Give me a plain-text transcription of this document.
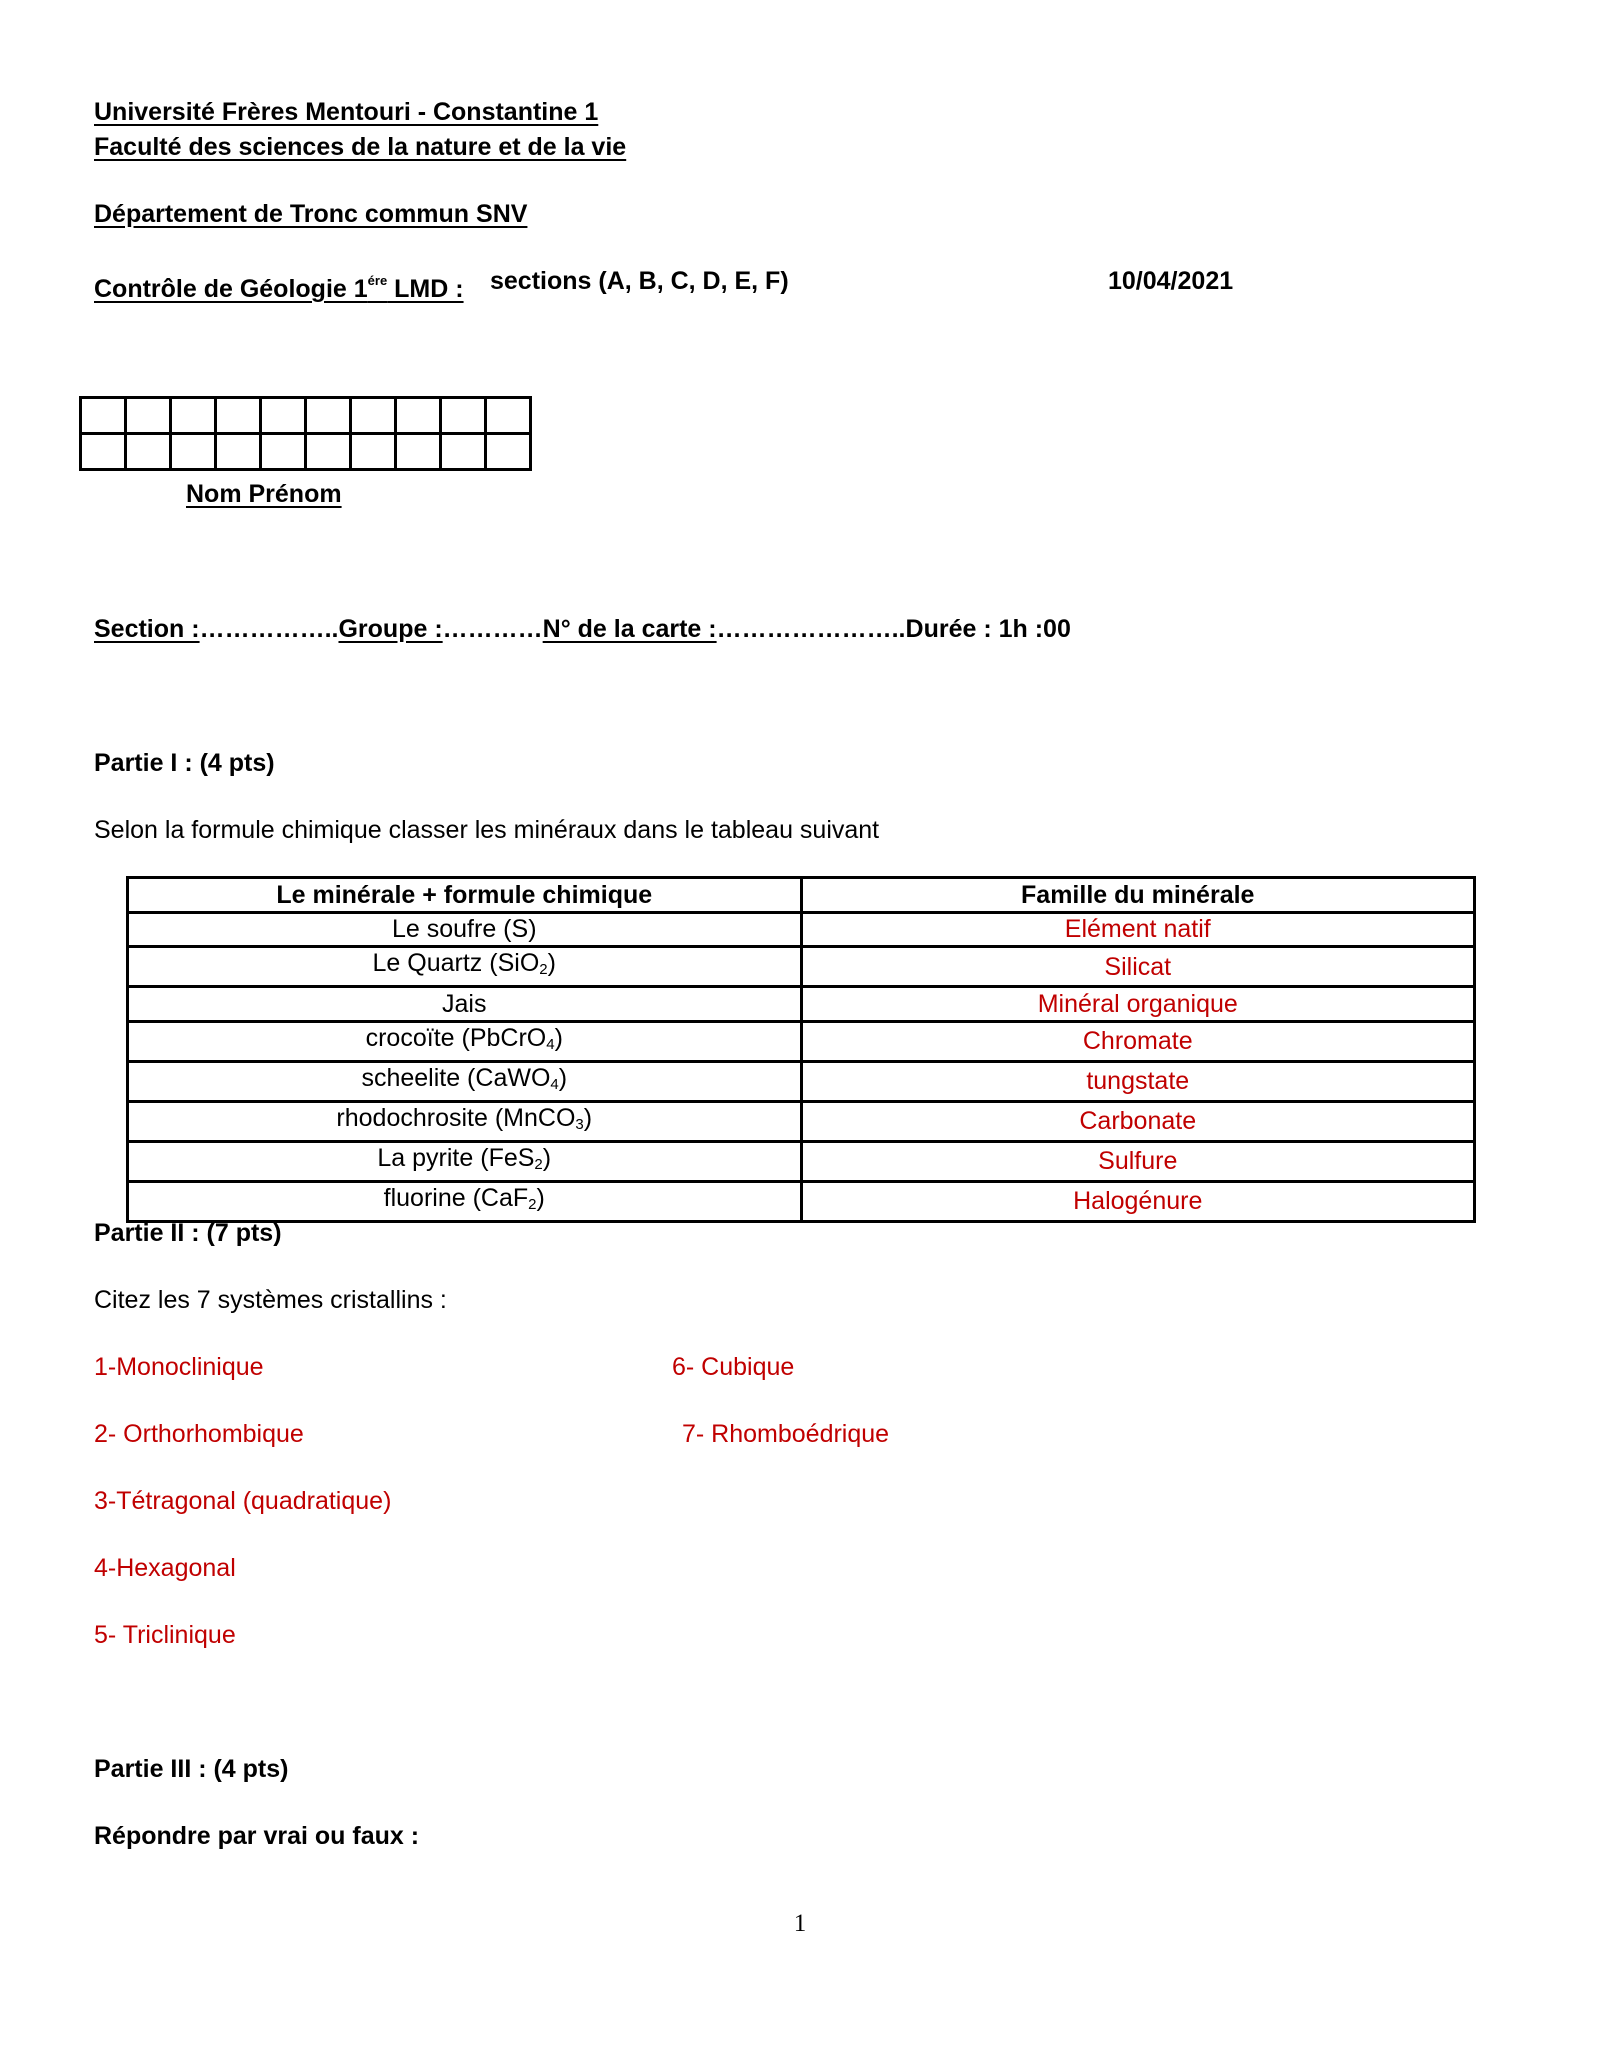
Université Frères Mentouri - Constantine 1
Faculté des sciences de la nature et de la vie
Département de Tronc commun SNV
Contrôle de Géologie $1^{ére}$ LMD : sections (A, B, C, D, E, F)	10/04/2021

Nom Prénom
Section :……………..Groupe :…………N° de la carte :…………………..Durée : 1h :00
Partie I : (4 pts)
Selon la formule chimique classer les minéraux dans le tableau suivant
Le minérale + formule chimique	Famille du minérale
Le soufre (S)	Elément natif
Le Quartz (SiO$_2$)	Silicat
Jais	Minéral organique
crocoïte (PbCrO$_4$)	Chromate
scheelite (CaWO$_4$)	tungstate
rhodochrosite (MnCO$_3$)	Carbonate
La pyrite (FeS$_2$)	Sulfure
fluorine (CaF$_2$)	Halogénure
Partie II : (7 pts)
Citez les 7 systèmes cristallins :
1-Monoclinique
2- Orthorhombique
3-Tétragonal (quadratique)
4-Hexagonal
5- Triclinique
6- Cubique
7- Rhomboédrique
Partie III : (4 pts)
Répondre par vrai ou faux :
1
